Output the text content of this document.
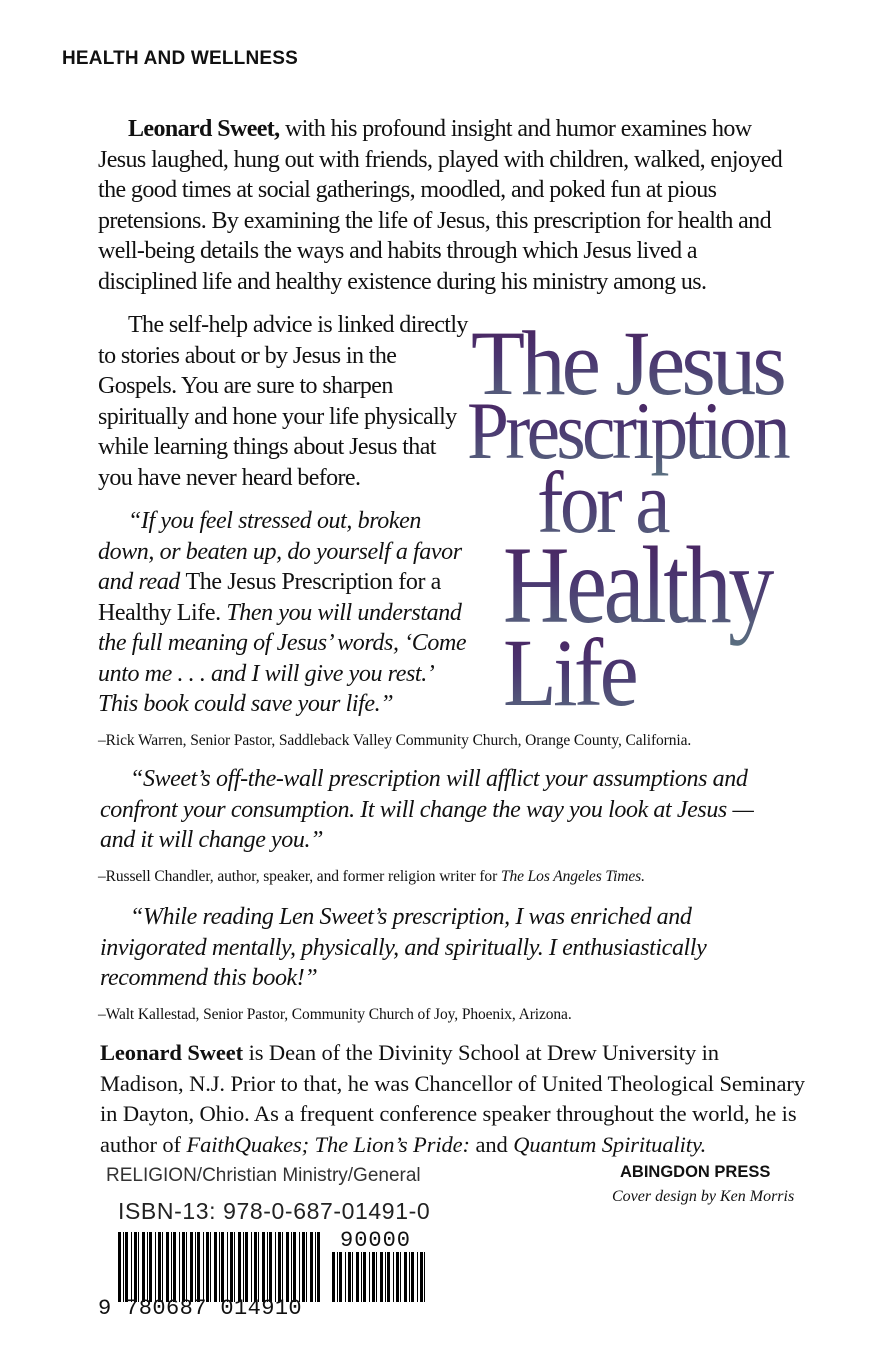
HEALTH AND WELLNESS
Leonard Sweet, with his profound insight and humor examines how Jesus laughed, hung out with friends, played with children, walked, enjoyed the good times at social gatherings, moodled, and poked fun at pious pretensions. By examining the life of Jesus, this prescription for health and well-being details the ways and habits through which Jesus lived a disciplined life and healthy existence during his ministry among us.
The self-help advice is linked directly to stories about or by Jesus in the Gospels. You are sure to sharpen spiritually and hone your life physically while learning things about Jesus that you have never heard before.
The Jesus
Prescription
for a
Healthy
Life
“If you feel stressed out, broken down, or beaten up, do yourself a favor and read The Jesus Prescription for a Healthy Life. Then you will understand the full meaning of Jesus’ words, ‘Come unto me . . . and I will give you rest.’ This book could save your life.”
–Rick Warren, Senior Pastor, Saddleback Valley Community Church, Orange County, California.
“Sweet’s off-the-wall prescription will afflict your assumptions and confront your consumption. It will change the way you look at Jesus — and it will change you.”
–Russell Chandler, author, speaker, and former religion writer for The Los Angeles Times.
“While reading Len Sweet’s prescription, I was enriched and invigorated mentally, physically, and spiritually. I enthusiastically recommend this book!”
–Walt Kallestad, Senior Pastor, Community Church of Joy, Phoenix, Arizona.
Leonard Sweet is Dean of the Divinity School at Drew University in Madison, N.J. Prior to that, he was Chancellor of United Theological Seminary in Dayton, Ohio. As a frequent conference speaker throughout the world, he is author of FaithQuakes; The Lion’s Pride: and Quantum Spirituality.
RELIGION/Christian Ministry/General	ABINGDON PRESS
Cover design by Ken Morris
ISBN-13: 978-0-687-01491-0
90000
9 780687 014910
